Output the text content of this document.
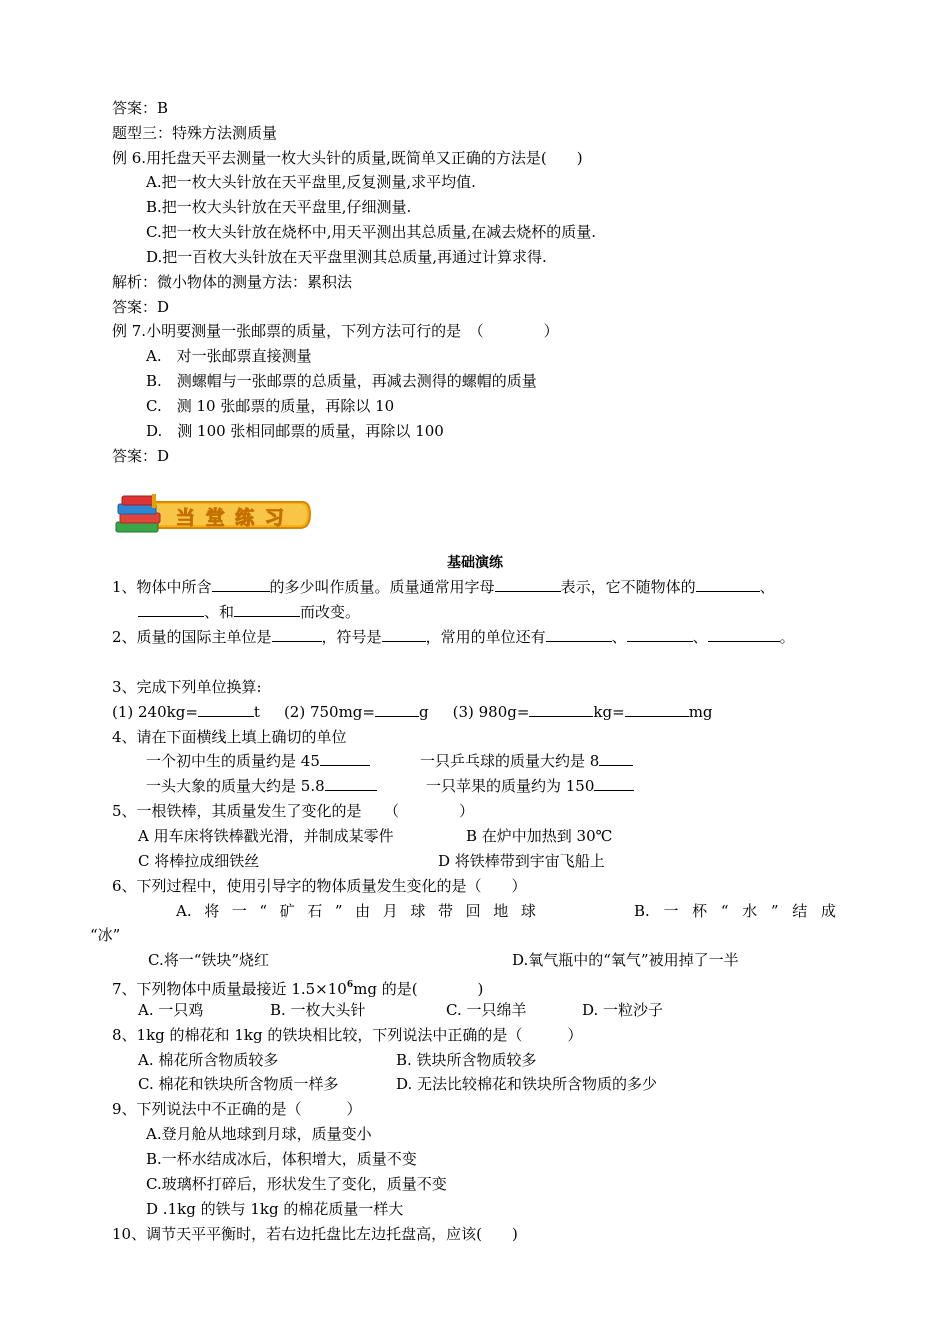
答案：B
题型三：特殊方法测质量
例 6.用托盘天平去测量一枚大头针的质量,既简单又正确的方法是(　　)
A.把一枚大头针放在天平盘里,反复测量,求平均值.
B.把一枚大头针放在天平盘里,仔细测量.
C.把一枚大头针放在烧杯中,用天平测出其总质量,在减去烧杯的质量.
D.把一百枚大头针放在天平盘里测其总质量,再通过计算求得.
解析：微小物体的测量方法：累积法
答案：D
例 7.小明要测量一张邮票的质量，下列方法可行的是　（　　　　）
A.　对一张邮票直接测量
B.　测螺帽与一张邮票的总质量，再减去测得的螺帽的质量
C.　测 10 张邮票的质量，再除以 10
D.　测 100 张相同邮票的质量，再除以 100
答案：D
当 堂 练 习
基础演练
1、物体中所含	的多少叫作质量。质量通常用字母	表示，它不随物体的	、
、和	而改变。
2、质量的国际主单位是	，符号是	，常用的单位还有	、	、	。
3、完成下列单位换算:
(1) 240kg=	t (2) 750mg=	g (3) 980g=	kg=	mg
4、请在下面横线上填上确切的单位
一个初中生的质量约是 45	一只乒乓球的质量大约是 8
一头大象的质量大约是 5.8	一只苹果的质量约为 150
5、一根铁棒，其质量发生了变化的是　　（　　　　）
A 用车床将铁棒戳光滑，并制成某零件	B 在炉中加热到 30℃
C 将棒拉成细铁丝	D 将铁棒带到宇宙飞船上
6、下列过程中，使用引导字的物体质量发生变化的是（　　）
A. 将 一 “ 矿 石 ” 由 月 球 带 回 地 球	B. 一 杯 “ 水 ” 结 成
“冰”
C.将一“铁块”烧红	D.氧气瓶中的“氧气”被用掉了一半
7、下列物体中质量最接近 $1.5\times 10^6mg$ 的是(　　　　)
A. 一只鸡	B. 一枚大头针	C. 一只绵羊	D. 一粒沙子
8、1kg 的棉花和 1kg 的铁块相比较，下列说法中正确的是（　　　）
A. 棉花所含物质较多	B. 铁块所含物质较多
C. 棉花和铁块所含物质一样多	D. 无法比较棉花和铁块所含物质的多少
9、下列说法中不正确的是（　　　）
A.登月舱从地球到月球，质量变小
B.一杯水结成冰后，体积增大，质量不变
C.玻璃杯打碎后，形状发生了变化，质量不变
D .1kg 的铁与 1kg 的棉花质量一样大
10、调节天平平衡时，若右边托盘比左边托盘高，应该(　　)
